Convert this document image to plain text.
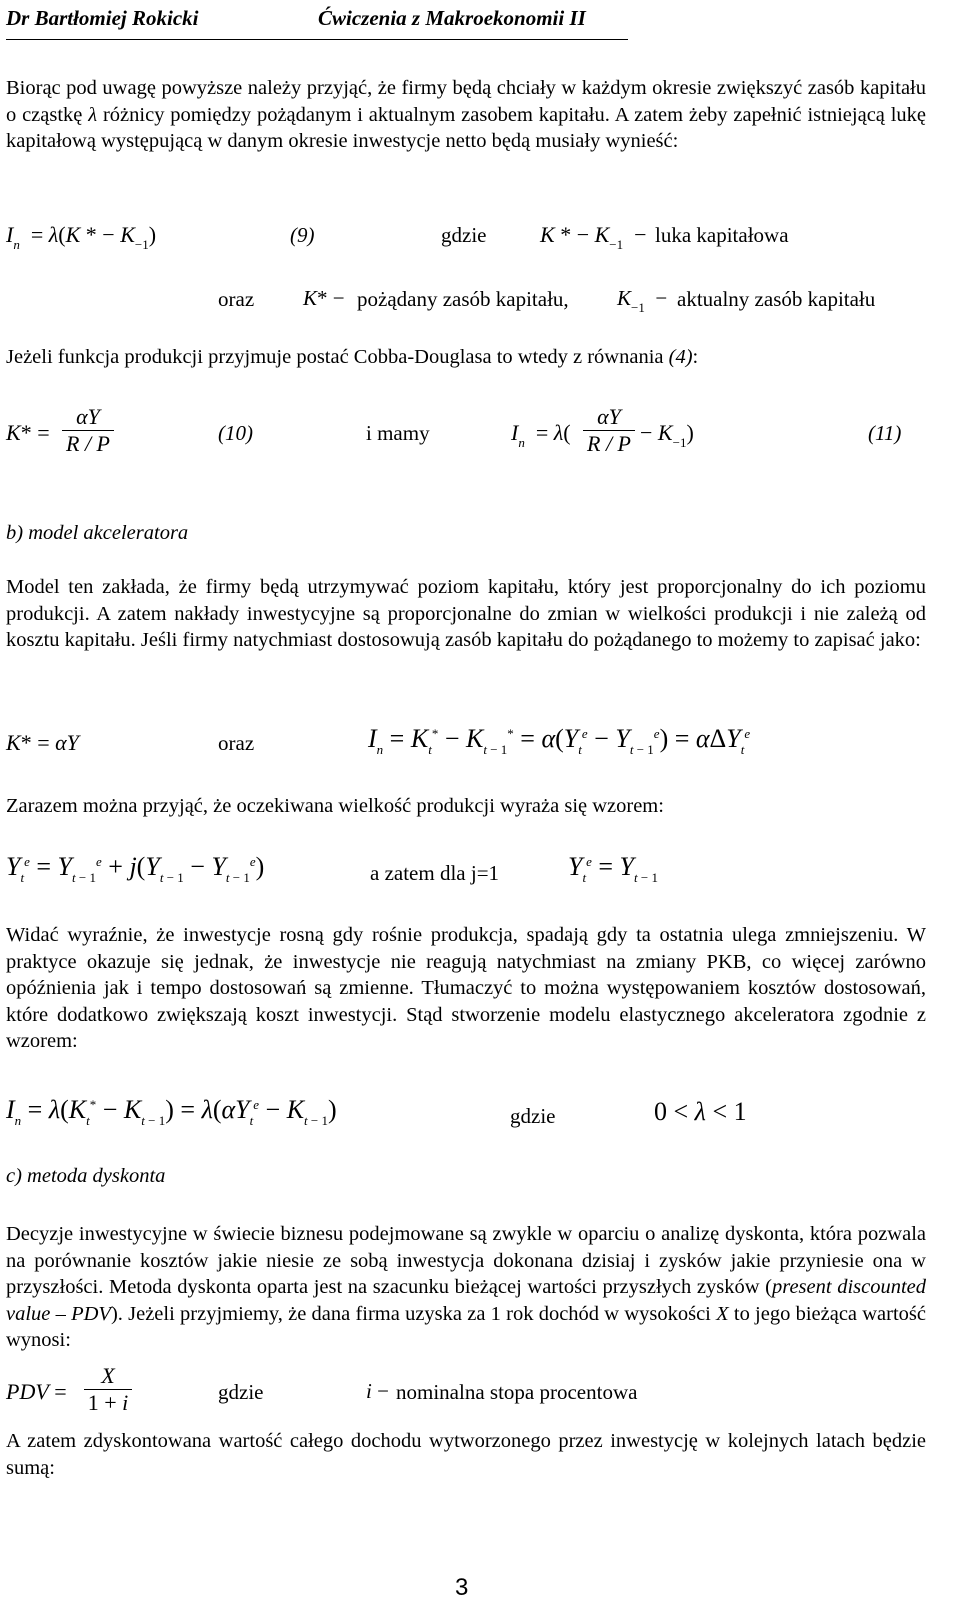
Dr Bartłomiej Rokicki	Ćwiczenia z Makroekonomii II

Biorąc pod uwagę powyższe należy przyjąć, że firmy będą chciały w każdym okresie zwiększyć zasób kapitału o cząstkę λ różnicy pomiędzy pożądanym i aktualnym zasobem kapitału. A zatem żeby zapełnić istniejącą lukę kapitałową występującą w danym okresie inwestycje netto będą musiały wynieść:

$I_n = \lambda(K$ * − $K_{-1}$)	(9)	gdzie K * − $K_{-1}$  − luka kapitałowa
oraz K* − pożądany zasób kapitału, $K_{-1}$  − aktualny zasób kapitału
Jeżeli funkcja produkcji przyjmuje postać Cobba-Douglasa to wtedy z równania (4):
$K* = \frac{\alpha Y}{R / P}$	(10)	i mamy	$I_n = \lambda( \frac{\alpha Y}{R / P} - K_{-1})$	(11)
b) model akceleratora

Model ten zakłada, że firmy będą utrzymywać poziom kapitału, który jest proporcjonalny do ich poziomu produkcji. A zatem nakłady inwestycyjne są proporcjonalne do zmian w wielkości produkcji i nie zależą od kosztu kapitału. Jeśli firmy natychmiast dostosowują zasób kapitału do pożądanego to możemy to zapisać jako:

K* = αY	oraz	$I_n = K_t^* - K_{t - 1}^* = \alpha(Y_t^e - Y_{t - 1}^e) = \alpha\Delta Y_t^e$
Zarazem można przyjąć, że oczekiwana wielkość produkcji wyraża się wzorem:
$Y_t^e = Y_{t - 1}^e + j(Y_{t - 1} - Y_{t - 1}^e)$	a zatem dla j=1	$Y_t^e = Y_{t - 1}$

Widać wyraźnie, że inwestycje rosną gdy rośnie produkcja, spadają gdy ta ostatnia ulega zmniejszeniu. W praktyce okazuje się jednak, że inwestycje nie reagują natychmiast na zmiany PKB, co więcej zarówno opóźnienia jak i tempo dostosowań są zmienne. Tłumaczyć to można występowaniem kosztów dostosowań, które dodatkowo zwiększają koszt inwestycji. Stąd stworzenie modelu elastycznego akceleratora zgodnie z wzorem:

$I_n = \lambda(K_t^* - K_{t - 1}) = \lambda(\alpha Y_t^e - K_{t - 1})$	gdzie	0 < λ < 1
c) metoda dyskonta

Decyzje inwestycyjne w świecie biznesu podejmowane są zwykle w oparciu o analizę dyskonta, która pozwala na porównanie kosztów jakie niesie ze sobą inwestycja dokonana dzisiaj i zysków jakie przyniesie ona w przyszłości. Metoda dyskonta oparta jest na szacunku bieżącej wartości przyszłych zysków (present discounted value – PDV). Jeżeli przyjmiemy, że dana firma uzyska za 1 rok dochód w wysokości X to jego bieżąca wartość wynosi:

PDV = $\frac{X}{1 + i}$	gdzie	i − nominalna stopa procentowa

A zatem zdyskontowana wartość całego dochodu wytworzonego przez inwestycję w kolejnych latach będzie sumą:

3
